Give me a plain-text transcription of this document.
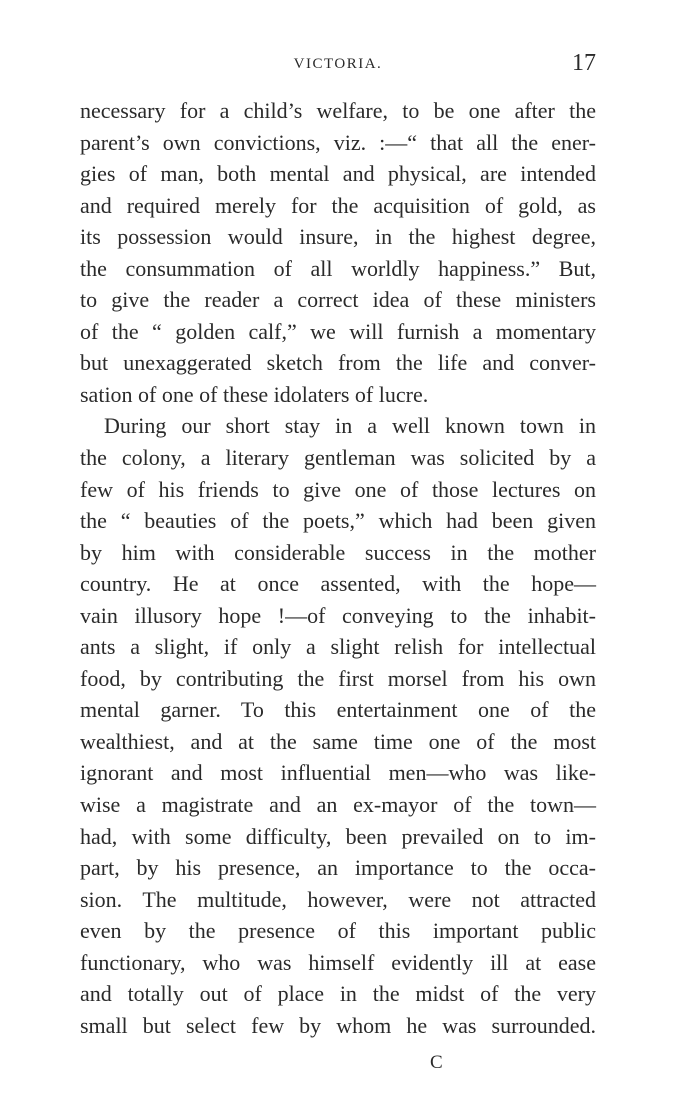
VICTORIA.	17
necessary for a child’s welfare, to be one after the
parent’s own convictions, viz. :—“ that all the ener-
gies of man, both mental and physical, are intended
and required merely for the acquisition of gold, as
its possession would insure, in the highest degree,
the consummation of all worldly happiness.” But,
to give the reader a correct idea of these ministers
of the “ golden calf,” we will furnish a momentary
but unexaggerated sketch from the life and conver-
sation of one of these idolaters of lucre.
During our short stay in a well known town in
the colony, a literary gentleman was solicited by a
few of his friends to give one of those lectures on
the “ beauties of the poets,” which had been given
by him with considerable success in the mother
country. He at once assented, with the hope—
vain illusory hope !—of conveying to the inhabit-
ants a slight, if only a slight relish for intellectual
food, by contributing the first morsel from his own
mental garner. To this entertainment one of the
wealthiest, and at the same time one of the most
ignorant and most influential men—who was like-
wise a magistrate and an ex-mayor of the town—
had, with some difficulty, been prevailed on to im-
part, by his presence, an importance to the occa-
sion. The multitude, however, were not attracted
even by the presence of this important public
functionary, who was himself evidently ill at ease
and totally out of place in the midst of the very
small but select few by whom he was surrounded.
C
